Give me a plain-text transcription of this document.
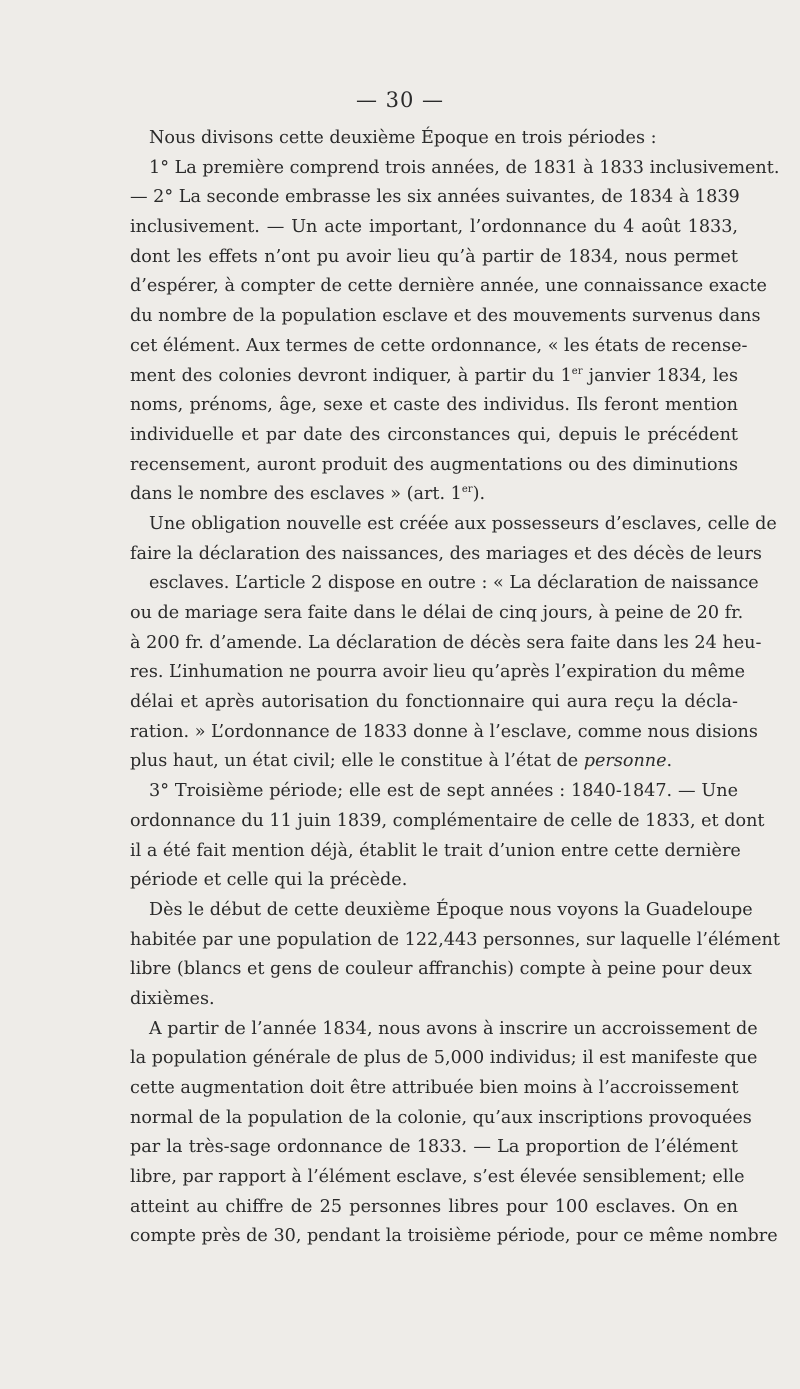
— 30 —
Nous divisons cette deuxième Époque en trois périodes :
1° La première comprend trois années, de 1831 à 1833 inclusivement.
— 2° La seconde embrasse les six années suivantes, de 1834 à 1839
inclusivement. — Un acte important, l’ordonnance du 4 août 1833,
dont les effets n’ont pu avoir lieu qu’à partir de 1834, nous permet
d’espérer, à compter de cette dernière année, une connaissance exacte
du nombre de la population esclave et des mouvements survenus dans
cet élément. Aux termes de cette ordonnance, « les états de recense-
ment des colonies devront indiquer, à partir du 1er janvier 1834, les
noms, prénoms, âge, sexe et caste des individus. Ils feront mention
individuelle et par date des circonstances qui, depuis le précédent
recensement, auront produit des augmentations ou des diminutions
dans le nombre des esclaves » (art. 1er).
Une obligation nouvelle est créée aux possesseurs d’esclaves, celle de
faire la déclaration des naissances, des mariages et des décès de leurs
esclaves. L’article 2 dispose en outre : « La déclaration de naissance
ou de mariage sera faite dans le délai de cinq jours, à peine de 20 fr.
à 200 fr. d’amende. La déclaration de décès sera faite dans les 24 heu-
res. L’inhumation ne pourra avoir lieu qu’après l’expiration du même
délai et après autorisation du fonctionnaire qui aura reçu la décla-
ration. » L’ordonnance de 1833 donne à l’esclave, comme nous disions
plus haut, un état civil; elle le constitue à l’état de personne.
3° Troisième période; elle est de sept années : 1840-1847. — Une
ordonnance du 11 juin 1839, complémentaire de celle de 1833, et dont
il a été fait mention déjà, établit le trait d’union entre cette dernière
période et celle qui la précède.
Dès le début de cette deuxième Époque nous voyons la Guadeloupe
habitée par une population de 122,443 personnes, sur laquelle l’élément
libre (blancs et gens de couleur affranchis) compte à peine pour deux
dixièmes.
A partir de l’année 1834, nous avons à inscrire un accroissement de
la population générale de plus de 5,000 individus; il est manifeste que
cette augmentation doit être attribuée bien moins à l’accroissement
normal de la population de la colonie, qu’aux inscriptions provoquées
par la très-sage ordonnance de 1833. — La proportion de l’élément
libre, par rapport à l’élément esclave, s’est élevée sensiblement; elle
atteint au chiffre de 25 personnes libres pour 100 esclaves. On en
compte près de 30, pendant la troisième période, pour ce même nombre
